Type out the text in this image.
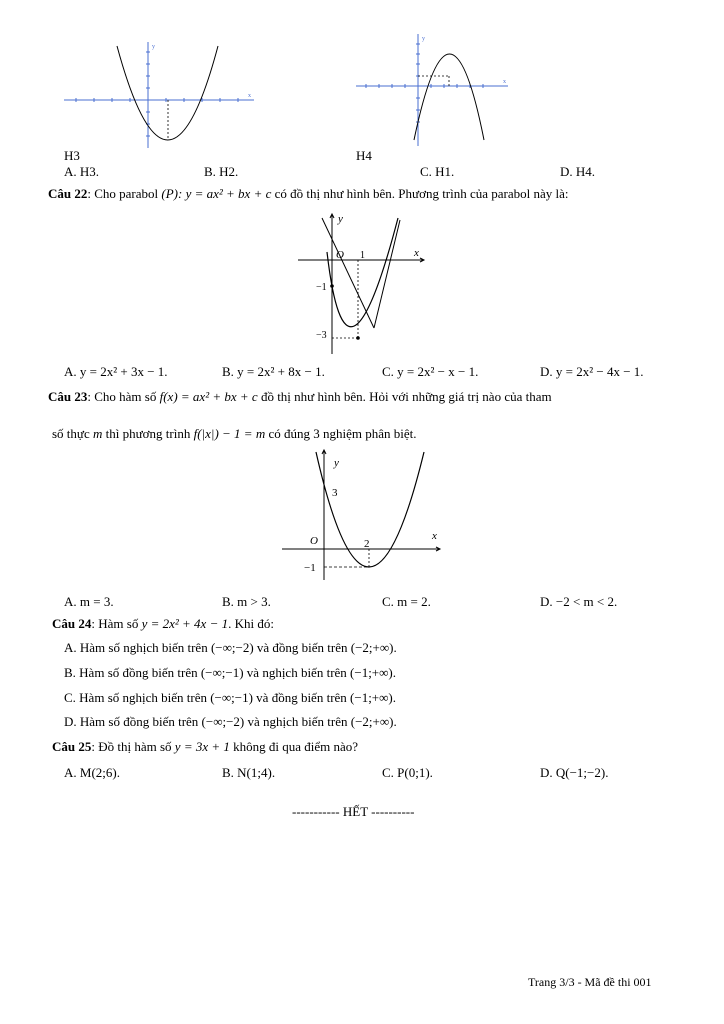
y
x
y
x
H3	H4
A. H3.	B. H2.	C. H1.	D. H4.
Câu 22: Cho parabol (P): y = ax² + bx + c có đồ thị như hình bên. Phương trình của parabol này là:
y
x
O 1
−1
−3
A. y = 2x² + 3x − 1.	B. y = 2x² + 8x − 1.	C. y = 2x² − x − 1.	D. y = 2x² − 4x − 1.
Câu 23: Cho hàm số f(x) = ax² + bx + c đồ thị như hình bên. Hỏi với những giá trị nào của tham
số thực m thì phương trình f(|x|) − 1 = m có đúng 3 nghiệm phân biệt.
y
x
O
3
2
−1
A. m = 3.	B. m > 3.	C. m = 2.	D. −2 < m < 2.
Câu 24: Hàm số y = 2x² + 4x − 1. Khi đó:
A. Hàm số nghịch biến trên (−∞;−2) và đồng biến trên (−2;+∞).
B. Hàm số đồng biến trên (−∞;−1) và nghịch biến trên (−1;+∞).
C. Hàm số nghịch biến trên (−∞;−1) và đồng biến trên (−1;+∞).
D. Hàm số đồng biến trên (−∞;−2) và nghịch biến trên (−2;+∞).
Câu 25: Đồ thị hàm số y = 3x + 1 không đi qua điểm nào?
A. M(2;6).	B. N(1;4).	C. P(0;1).	D. Q(−1;−2).
----------- HẾT ----------
Trang 3/3 - Mã đề thi 001
